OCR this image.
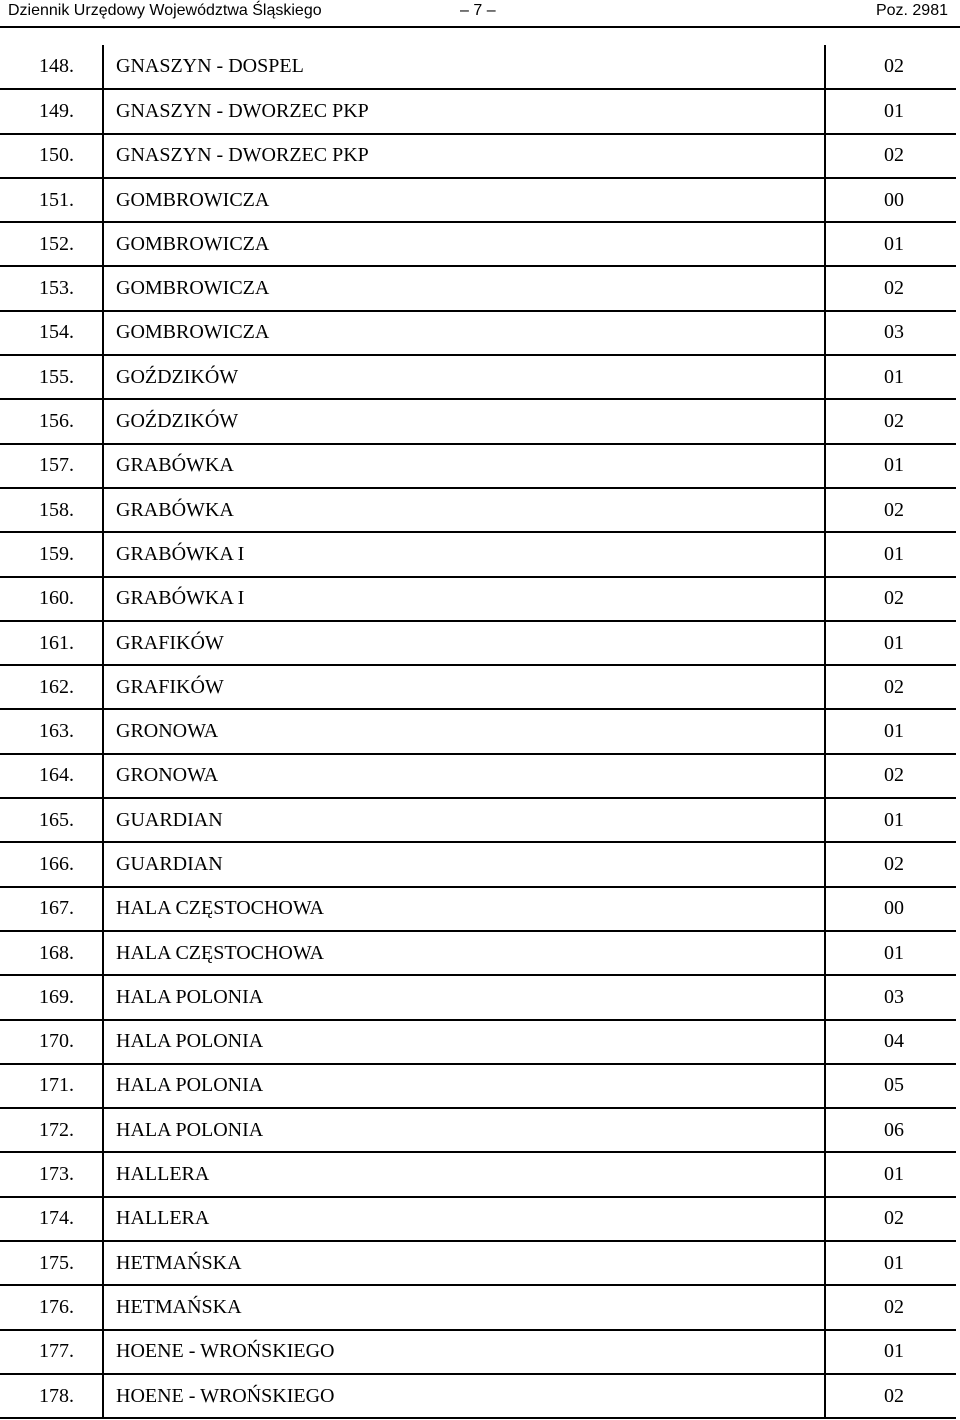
Dziennik Urzędowy Województwa Śląskiego	– 7 –	Poz. 2981
148.	GNASZYN - DOSPEL	02
149.	GNASZYN - DWORZEC PKP	01
150.	GNASZYN - DWORZEC PKP	02
151.	GOMBROWICZA	00
152.	GOMBROWICZA	01
153.	GOMBROWICZA	02
154.	GOMBROWICZA	03
155.	GOŹDZIKÓW	01
156.	GOŹDZIKÓW	02
157.	GRABÓWKA	01
158.	GRABÓWKA	02
159.	GRABÓWKA I	01
160.	GRABÓWKA I	02
161.	GRAFIKÓW	01
162.	GRAFIKÓW	02
163.	GRONOWA	01
164.	GRONOWA	02
165.	GUARDIAN	01
166.	GUARDIAN	02
167.	HALA CZĘSTOCHOWA	00
168.	HALA CZĘSTOCHOWA	01
169.	HALA POLONIA	03
170.	HALA POLONIA	04
171.	HALA POLONIA	05
172.	HALA POLONIA	06
173.	HALLERA	01
174.	HALLERA	02
175.	HETMAŃSKA	01
176.	HETMAŃSKA	02
177.	HOENE - WROŃSKIEGO	01
178.	HOENE - WROŃSKIEGO	02
